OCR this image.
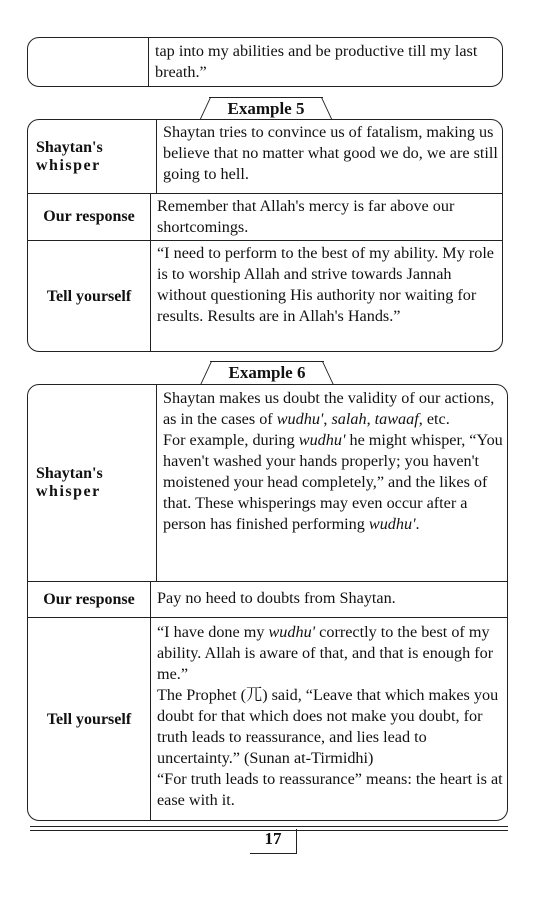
tap into my abilities and be productive till my last breath.”
Example 5
Shaytan's
whisper
Shaytan tries to convince us of fatalism, making us believe that no matter what good we do, we are still going to hell.
Our response
Remember that Allah's mercy is far above our shortcomings.
Tell yourself
“I need to perform to the best of my ability. My role is to worship Allah and strive towards Jannah without questioning His authority nor waiting for results. Results are in Allah's Hands.”
Example 6
Shaytan's
whisper

Shaytan makes us doubt the validity of our actions, as in the cases of wudhu', salah, tawaaf, etc.

For example, during wudhu' he might whisper, “You haven't washed your hands properly; you haven't moistened your head completely,” and the likes of that. These whisperings may even occur after a person has finished performing wudhu'.

Our response	Pay no heed to doubts from Shaytan.
Tell yourself

“I have done my wudhu' correctly to the best of my ability. Allah is aware of that, and that is enough for me.”

The Prophet (⺎) said, “Leave that which makes you doubt for that which does not make you doubt, for truth leads to reassurance, and lies lead to uncertainty.” (Sunan at-Tirmidhi)

“For truth leads to reassurance” means: the heart is at ease with it.

17
